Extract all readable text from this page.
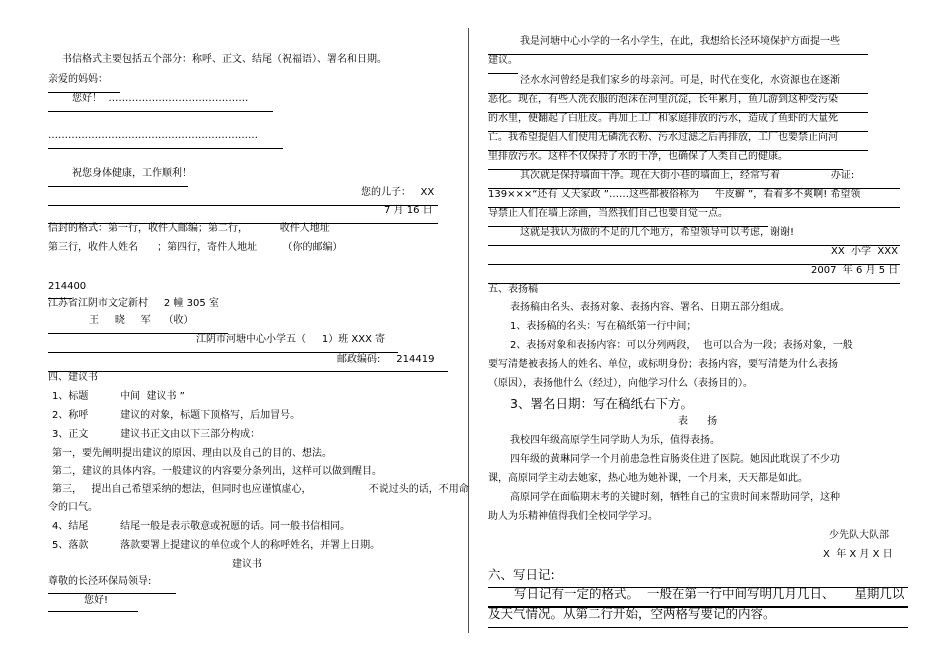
书信格式主要包括五个部分：称呼、正文、结尾（祝福语）、署名和日期。
亲爱的妈妈：
您好！  ……………………………………
………………………………………………………
祝您身体健康，工作顺利！
您的儿子：   XX
7 月 16 日
信封的格式：第一行，收件人邮编；第二行，          收件人地址
第三行，收件人姓名      ；第四行，寄件人地址        （你的邮编）
214400
江苏省江阴市文定新村     2 幢 305 室
王     晓     军    （收）
江阴市河塘中心小学五（     1）班 XXX 寄
邮政编码:     214419
四、建议书
1、标题          中间  建议书 ”
2、称呼          建议的对象，标题下顶格写，后加冒号。
3、正文          建议书正文由以下三部分构成：
第一，要先阐明提出建议的原因、理由以及自己的目的、想法。
第二，建议的具体内容。一般建议的内容要分条列出，这样可以做到醒目。
第三，   提出自己希望采纳的想法，但同时也应谨慎虚心，                  不说过头的话，不用命
令的口气。
4、结尾          结尾一般是表示敬意或祝愿的话。同一般书信相同。
5、落款          落款要署上提建议的单位或个人的称呼姓名，并署上日期。
建议书
尊敬的长泾环保局领导:
您好!
我是河塘中心小学的一名小学生，在此，我想给长泾环境保护方面提一些
建议。
泾水水河曾经是我们家乡的母亲河。可是，时代在变化，水资源也在逐渐
恶化。现在，有些人洗衣服的泡沫在河里沉淀，长年累月，鱼儿游到这种受污染
的水里，便翻起了白肚皮。再加上工厂和家庭排放的污水，造成了鱼虾的大量死
亡。我希望提倡人们使用无磷洗衣粉、污水过滤之后再排放，工厂也要禁止向河
里排放污水。这样不仅保持了水的干净，也确保了人类自己的健康。
其次就是保持墙面干净。现在大街小巷的墙面上，经常写着                办证:
139×××“还有 乂天家政 ”……这些都被俗称为     牛皮癣 ”，看着多不爽啊! 希望领
导禁止人们在墙上涂画，当然我们自己也要自觉一点。
这就是我认为做的不足的几个地方，希望领导可以考虑，谢谢!
XX  小学  XXX
2007  年 6 月 5 日
五、表扬稿
表扬稿由名头、表扬对象、表扬内容、署名、日期五部分组成。
1、表扬稿的名头：写在稿纸第一行中间；
2、表扬对象和表扬内容：可以分列两段，  也可以合为一段；表扬对象，一般
要写清楚被表扬人的姓名、单位，或标明身份；表扬内容，要写清楚为什么表扬
（原因），表扬他什么（经过），向他学习什么（表扬目的）。
3、署名日期：写在稿纸右下方。
表      扬
我校四年级高原学生同学助人为乐，值得表扬。
四年级的黄琳同学一个月前患急性盲肠炎住进了医院。她因此耽误了不少功
课，高原同学主动去她家，热心地为她补课，一个月来，天天都是如此。
高原同学在面临期末考的关键时刻，牺牲自己的宝贵时间来帮助同学，这种
助人为乐精神值得我们全校同学学习。
少先队大队部
X  年 X 月 X 日
六、写日记:
写日记有一定的格式。  一般在第一行中间写明几月几日、     星期几以
及天气情况。从第二行开始，空两格写要记的内容。
